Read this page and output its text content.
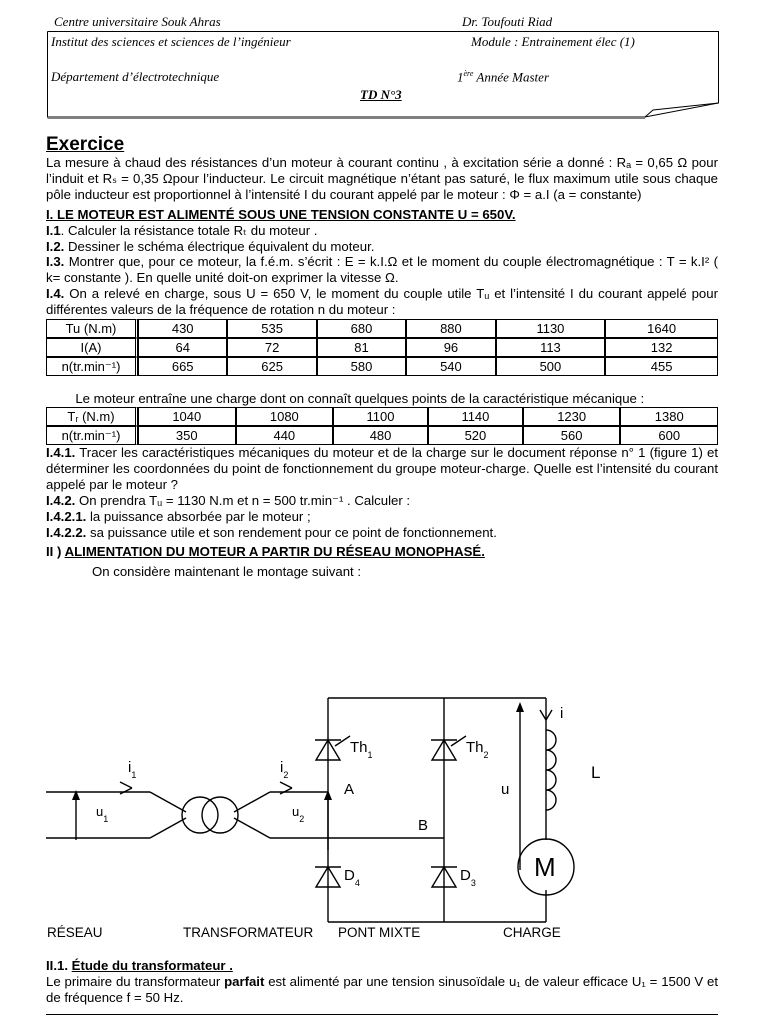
Centre universitaire Souk Ahras	Dr. Toufouti Riad
Institut des sciences et sciences de l’ingénieur	Module : Entrainement élec (1)
Département d’électrotechnique	1ère Année Master
TD N°3
Exercice

La mesure à chaud des résistances d’un moteur à courant continu , à excitation série a donné : Rₐ = 0,65 Ω pour l’induit et Rₛ = 0,35 Ωpour l’inducteur. Le circuit magnétique n’étant pas saturé, le flux maximum utile sous chaque pôle inducteur est proportionnel à l’intensité I du courant appelé par le moteur : Φ = a.I (a = constante)

I. LE MOTEUR EST ALIMENTÉ SOUS UNE TENSION CONSTANTE U = 650V.

I.1. Calculer la résistance totale Rₜ du moteur .

I.2. Dessiner le schéma électrique équivalent du moteur.

I.3. Montrer que, pour ce moteur, la f.é.m. s’écrit : E = k.I.Ω et le moment du couple électromagnétique : T = k.I² ( k= constante ). En quelle unité doit-on exprimer la vitesse Ω.

I.4. On a relevé en charge, sous U = 650 V, le moment du couple utile Tᵤ et l’intensité I du courant appelé pour différentes valeurs de la fréquence de rotation n du moteur :

Tu (N.m)	430	535	680	880	1130	1640
I(A)	64	72	81	96	113	132
n(tr.min⁻¹)	665	625	580	540	500	455

Le moteur entraîne une charge dont on connaît quelques points de la caractéristique mécanique :

Tᵣ (N.m)	1040	1080	1100	1140	1230	1380
n(tr.min⁻¹)	350	440	480	520	560	600

I.4.1. Tracer les caractéristiques mécaniques du moteur et de la charge sur le document réponse n° 1 (figure 1) et déterminer les coordonnées du point de fonctionnement du groupe moteur-charge. Quelle est l’intensité du courant appelé par le moteur ?

I.4.2. On prendra Tᵤ = 1130 N.m et n = 500 tr.min⁻¹ . Calculer :

I.4.2.1. la puissance absorbée par le moteur ;

I.4.2.2. sa puissance utile et son rendement pour ce point de fonctionnement.

II ) ALIMENTATION DU MOTEUR A PARTIR DU RÉSEAU MONOPHASÉ.

On considère maintenant le montage suivant :

$Th_1$	$Th_2$
$D_4$	$D_3$
$i_1$	$i_2$
$u_1$	$u_2$
A
B
u
i
L
M
RÉSEAU	TRANSFORMATEUR PONT MIXTE	CHARGE

II.1. Étude du transformateur .

Le primaire du transformateur parfait est alimenté par une tension sinusoïdale u₁ de valeur efficace U₁ = 1500 V et de fréquence f = 50 Hz.
